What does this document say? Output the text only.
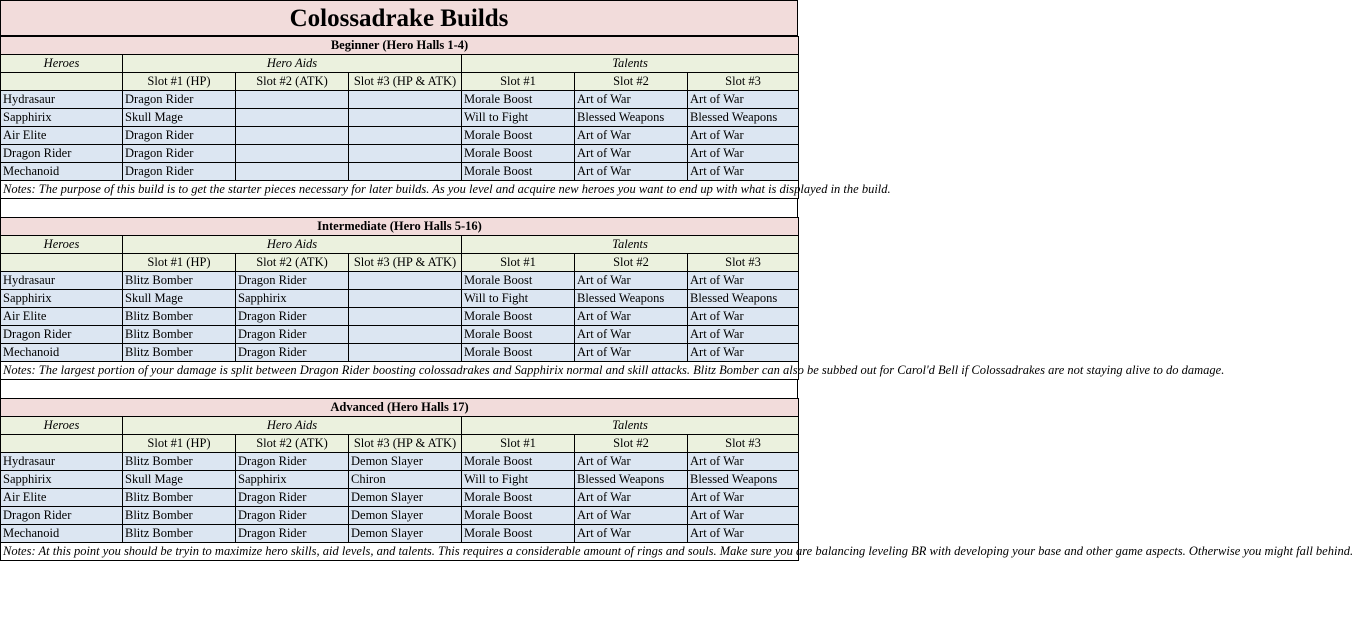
Colossadrake Builds
Beginner (Hero Halls 1-4)						
Heroes	Hero Aids			Talents		
	Slot #1 (HP)	Slot #2 (ATK)	Slot #3 (HP & ATK)	Slot #1	Slot #2	Slot #3
Hydrasaur	Dragon Rider			Morale Boost	Art of War	Art of War
Sapphirix	Skull Mage			Will to Fight	Blessed Weapons	Blessed Weapons
Air Elite	Dragon Rider			Morale Boost	Art of War	Art of War
Dragon Rider	Dragon Rider			Morale Boost	Art of War	Art of War
Mechanoid	Dragon Rider			Morale Boost	Art of War	Art of War
Notes: The purpose of this build is to get the starter pieces necessary for later builds. As you level and acquire new heroes you want to end up with what is displayed in the build.						
Intermediate (Hero Halls 5-16)						
Heroes	Hero Aids			Talents		
	Slot #1 (HP)	Slot #2 (ATK)	Slot #3 (HP & ATK)	Slot #1	Slot #2	Slot #3
Hydrasaur	Blitz Bomber	Dragon Rider		Morale Boost	Art of War	Art of War
Sapphirix	Skull Mage	Sapphirix		Will to Fight	Blessed Weapons	Blessed Weapons
Air Elite	Blitz Bomber	Dragon Rider		Morale Boost	Art of War	Art of War
Dragon Rider	Blitz Bomber	Dragon Rider		Morale Boost	Art of War	Art of War
Mechanoid	Blitz Bomber	Dragon Rider		Morale Boost	Art of War	Art of War
Notes: The largest portion of your damage is split between Dragon Rider boosting colossadrakes and Sapphirix normal and skill attacks. Blitz Bomber can also be subbed out for Carol'd Bell if Colossadrakes are not staying alive to do damage.						
Advanced (Hero Halls 17)						
Heroes	Hero Aids			Talents		
	Slot #1 (HP)	Slot #2 (ATK)	Slot #3 (HP & ATK)	Slot #1	Slot #2	Slot #3
Hydrasaur	Blitz Bomber	Dragon Rider	Demon Slayer	Morale Boost	Art of War	Art of War
Sapphirix	Skull Mage	Sapphirix	Chiron	Will to Fight	Blessed Weapons	Blessed Weapons
Air Elite	Blitz Bomber	Dragon Rider	Demon Slayer	Morale Boost	Art of War	Art of War
Dragon Rider	Blitz Bomber	Dragon Rider	Demon Slayer	Morale Boost	Art of War	Art of War
Mechanoid	Blitz Bomber	Dragon Rider	Demon Slayer	Morale Boost	Art of War	Art of War
Notes: At this point you should be tryin to maximize hero skills, aid levels, and talents. This requires a considerable amount of rings and souls. Make sure you are balancing leveling BR with developing your base and other game aspects. Otherwise you might fall behind.						
